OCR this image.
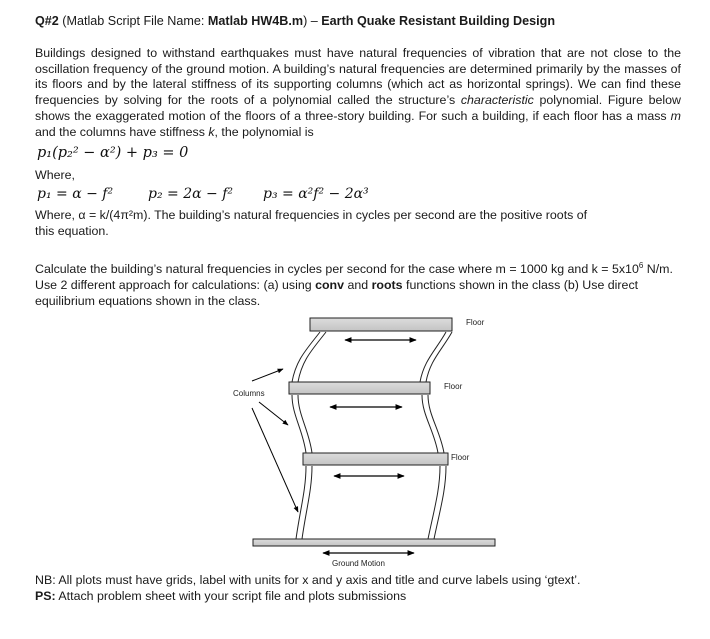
Q#2 (Matlab Script File Name: Matlab HW4B.m) – Earth Quake Resistant Building Design
Buildings designed to withstand earthquakes must have natural frequencies of vibration that are not close to the oscillation frequency of the ground motion. A building’s natural frequencies are determined primarily by the masses of its floors and by the lateral stiffness of its supporting columns (which act as horizontal springs). We can find these frequencies by solving for the roots of a polynomial called the structure’s characteristic polynomial. Figure below shows the exaggerated motion of the floors of a three-story building. For such a building, if each floor has a mass m and the columns have stiffness k, the polynomial is
p₁(p₂² − α²) + p₃ = 0
Where,
p₁ = α − f² p₂ = 2α − f² p₃ = α²f² − 2α³
Where, α = k/(4π²m). The building’s natural frequencies in cycles per second are the positive roots of this equation.
Calculate the building’s natural frequencies in cycles per second for the case where m = 1000 kg and $k = 5x10^6$ N/m.
Use 2 different approach for calculations: (a) using conv and roots functions shown in the class (b) Use direct equilibrium equations shown in the class.
Floor
Floor
Floor
Columns
Ground Motion
NB: All plots must have grids, label with units for x and y axis and title and curve labels using ‘gtext’.
PS: Attach problem sheet with your script file and plots submissions
